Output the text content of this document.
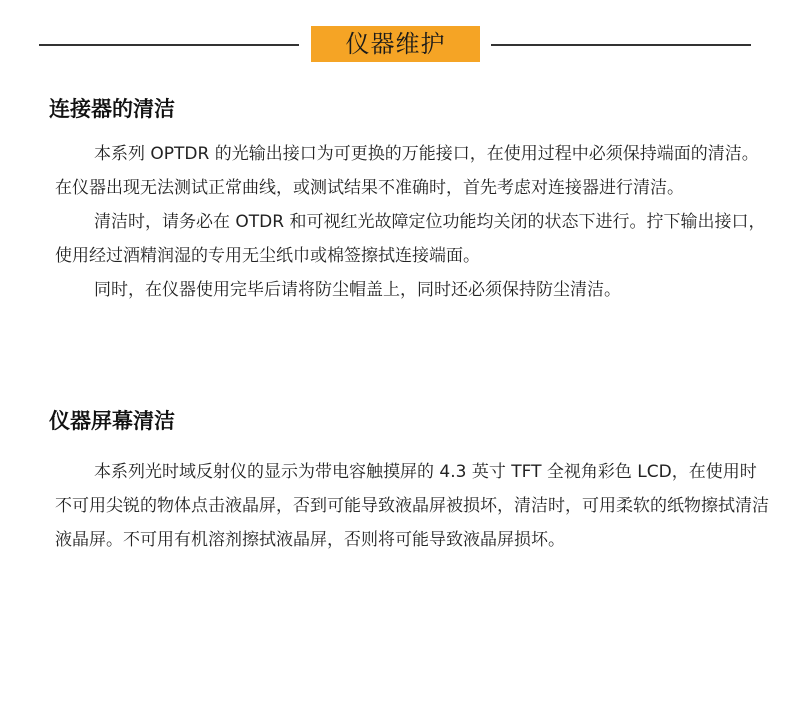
仪器维护
连接器的清洁

本系列 OPTDR 的光输出接口为可更换的万能接口，在使用过程中必须保持端面的清洁。在仪器出现无法测试正常曲线，或测试结果不准确时，首先考虑对连接器进行清洁。

清洁时，请务必在 OTDR 和可视红光故障定位功能均关闭的状态下进行。拧下输出接口，使用经过酒精润湿的专用无尘纸巾或棉签擦拭连接端面。

同时，在仪器使用完毕后请将防尘帽盖上，同时还必须保持防尘清洁。

仪器屏幕清洁

本系列光时域反射仪的显示为带电容触摸屏的 4.3 英寸 TFT 全视角彩色 LCD，在使用时不可用尖锐的物体点击液晶屏，否到可能导致液晶屏被损坏，清洁时，可用柔软的纸物擦拭清洁液晶屏。不可用有机溶剂擦拭液晶屏，否则将可能导致液晶屏损坏。
